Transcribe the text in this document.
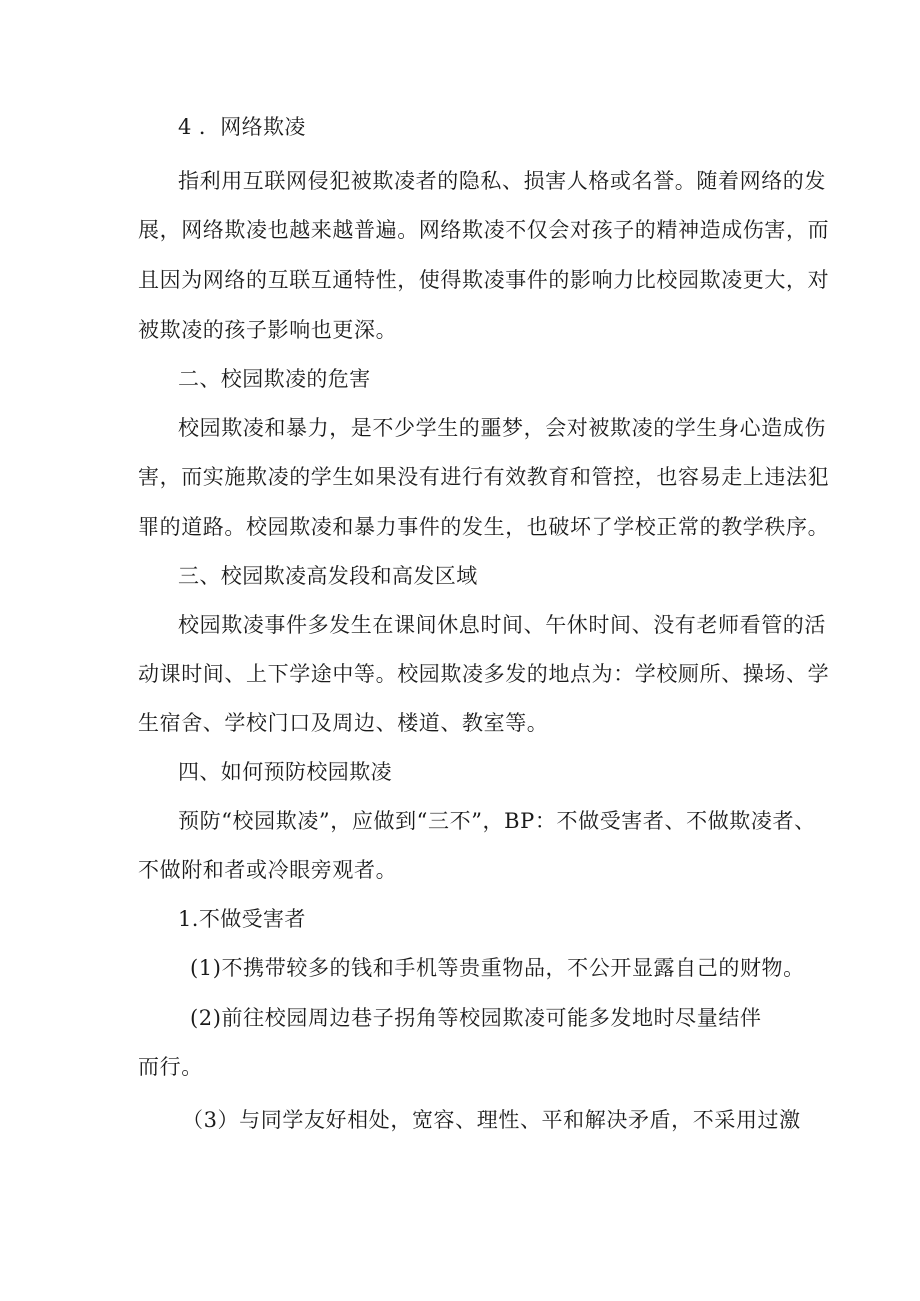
4 ．网络欺凌
指利用互联网侵犯被欺凌者的隐私、损害人格或名誉。随着网络的发
展，网络欺凌也越来越普遍。网络欺凌不仅会对孩子的精神造成伤害，而
且因为网络的互联互通特性，使得欺凌事件的影响力比校园欺凌更大，对
被欺凌的孩子影响也更深。
二、校园欺凌的危害
校园欺凌和暴力，是不少学生的噩梦，会对被欺凌的学生身心造成伤
害，而实施欺凌的学生如果没有进行有效教育和管控，也容易走上违法犯
罪的道路。校园欺凌和暴力事件的发生，也破坏了学校正常的教学秩序。
三、校园欺凌高发段和高发区域
校园欺凌事件多发生在课间休息时间、午休时间、没有老师看管的活
动课时间、上下学途中等。校园欺凌多发的地点为：学校厕所、操场、学
生宿舍、学校门口及周边、楼道、教室等。
四、如何预防校园欺凌
预防“校园欺凌”，应做到“三不”，BP：不做受害者、不做欺凌者、
不做附和者或冷眼旁观者。
1.不做受害者
(1)不携带较多的钱和手机等贵重物品，不公开显露自己的财物。
(2)前往校园周边巷子拐角等校园欺凌可能多发地时尽量结伴
而行。
（3）与同学友好相处，宽容、理性、平和解决矛盾，不采用过激
